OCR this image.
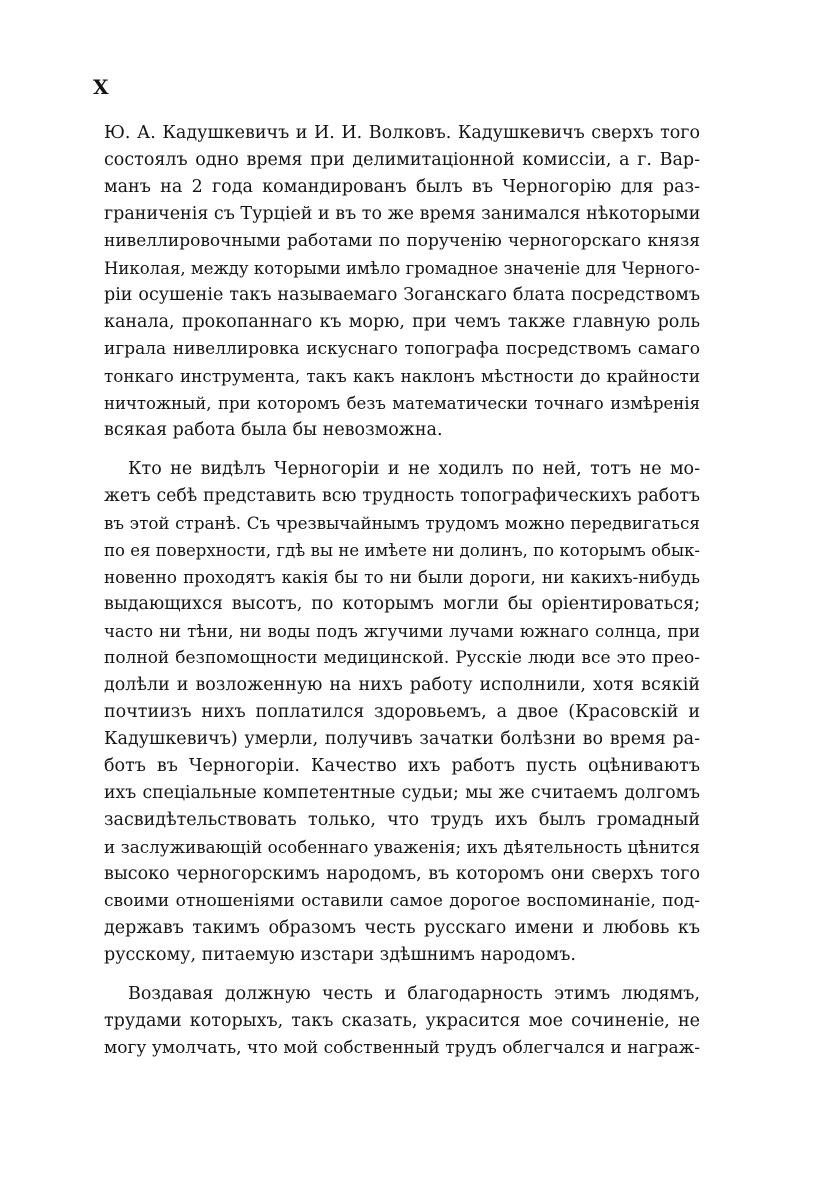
X
Ю. А. Кадушкевичъ и И. И. Волковъ. Кадушкевичъ сверхъ того
состоялъ одно время при делимитаціонной комиссіи, а г. Вар-
манъ на 2 года командированъ былъ въ Черногорію для раз-
граниченія съ Турціей и въ то же время занимался нѣкоторыми
нивеллировочными работами по порученію черногорскаго князя
Николая, между которыми имѣло громадное значеніе для Черного-
ріи осушеніе такъ называемаго Зоганскаго блата посредствомъ
канала, прокопаннаго къ морю, при чемъ также главную роль
играла нивеллировка искуснаго топографа посредствомъ самаго
тонкаго инструмента, такъ какъ наклонъ мѣстности до крайности
ничтожный, при которомъ безъ математически точнаго измѣренія
всякая работа была бы невозможна.
Кто не видѣлъ Черногоріи и не ходилъ по ней, тотъ не мо-
жетъ себѣ представить всю трудность топографическихъ работъ
въ этой странѣ. Съ чрезвычайнымъ трудомъ можно передвигаться
по ея поверхности, гдѣ вы не имѣете ни долинъ, по которымъ обык-
новенно проходятъ какія бы то ни были дороги, ни какихъ-нибудь
выдающихся высотъ, по которымъ могли бы оріентироваться;
часто ни тѣни, ни воды подъ жгучими лучами южнаго солнца, при
полной безпомощности медицинской. Русскіе люди все это прео-
долѣли и возложенную на нихъ работу исполнили, хотя всякій
почтиизъ нихъ поплатился здоровьемъ, а двое (Красовскій и
Кадушкевичъ) умерли, получивъ зачатки болѣзни во время ра-
ботъ въ Черногоріи. Качество ихъ работъ пусть оцѣниваютъ
ихъ спеціальные компетентные судьи; мы же считаемъ долгомъ
засвидѣтельствовать только, что трудъ ихъ былъ громадный
и заслуживающій особеннаго уваженія; ихъ дѣятельность цѣнится
высоко черногорскимъ народомъ, въ которомъ они сверхъ того
своими отношеніями оставили самое дорогое воспоминаніе, под-
державъ такимъ образомъ честь русскаго имени и любовь къ
русскому, питаемую изстари здѣшнимъ народомъ.
Воздавая должную честь и благодарность этимъ людямъ,
трудами которыхъ, такъ сказать, украсится мое сочиненіе, не
могу умолчать, что мой собственный трудъ облегчался и награж-
